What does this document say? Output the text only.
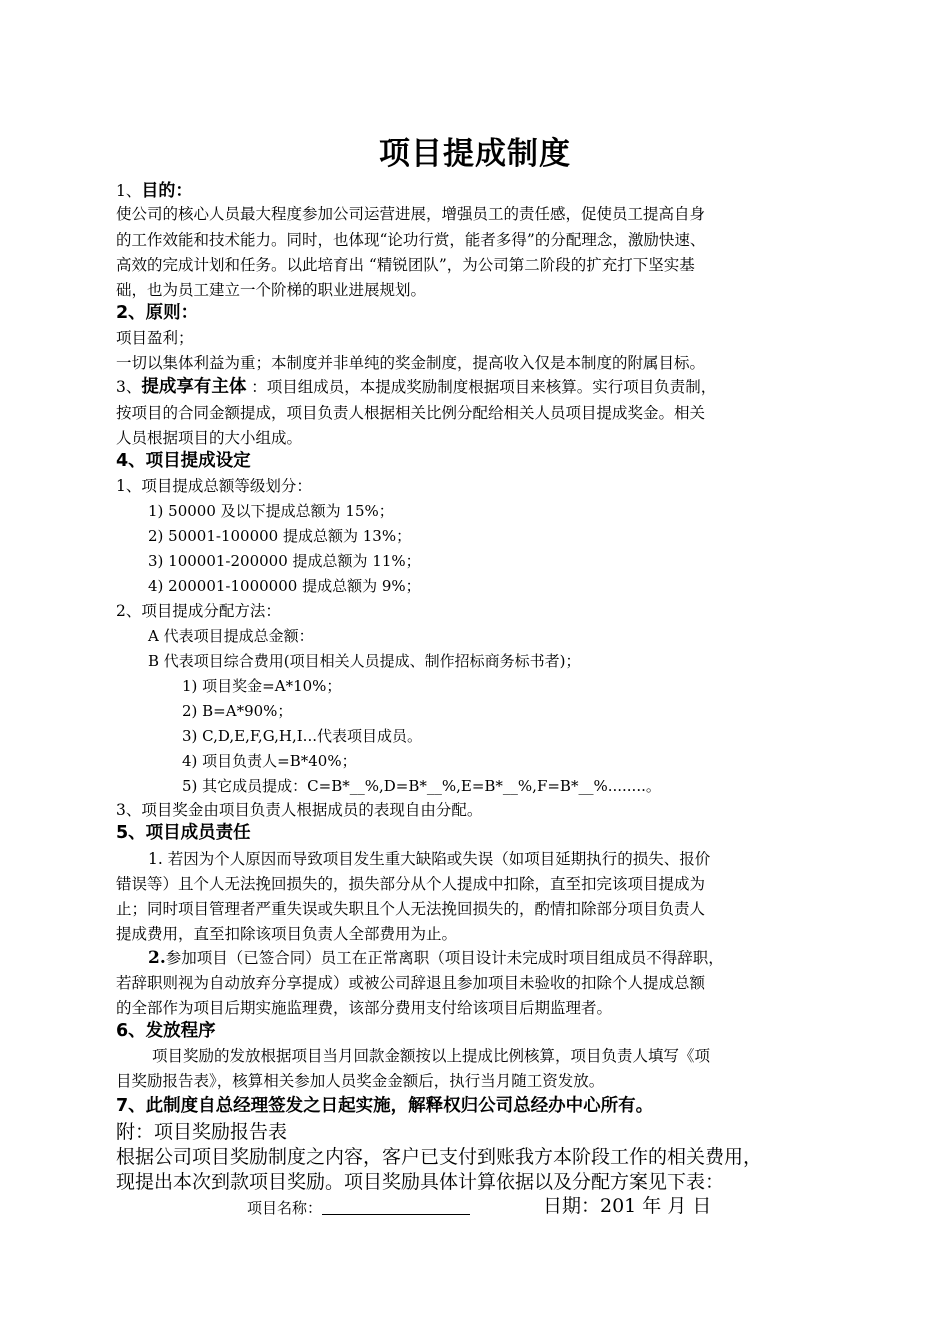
项目提成制度
1、目的：
使公司的核心人员最大程度参加公司运营进展，增强员工的责任感，促使员工提高自身
的工作效能和技术能力。同时，也体现“论功行赏，能者多得”的分配理念，激励快速、
高效的完成计划和任务。以此培育出 “精锐团队”，为公司第二阶段的扩充打下坚实基
础，也为员工建立一个阶梯的职业进展规划。
2、原则：
项目盈利；
一切以集体利益为重；本制度并非单纯的奖金制度，提高收入仅是本制度的附属目标。
3、提成享有主体 ：项目组成员，本提成奖励制度根据项目来核算。实行项目负责制，
按项目的合同金额提成，项目负责人根据相关比例分配给相关人员项目提成奖金。相关
人员根据项目的大小组成。
4、项目提成设定
1、项目提成总额等级划分：
1) 50000 及以下提成总额为 15%；
2) 50001-100000 提成总额为 13%；
3) 100001-200000 提成总额为 11%；
4) 200001-1000000 提成总额为 9%；
2、项目提成分配方法：
A 代表项目提成总金额：
B 代表项目综合费用(项目相关人员提成、制作招标商务标书者)；
1) 项目奖金=A*10%；
2) B=A*90%；
3) C,D,E,F,G,H,I...代表项目成员。
4) 项目负责人=B*40%；
5) 其它成员提成：C=B*__%,D=B*__%,E=B*__%,F=B*__%........。
3、项目奖金由项目负责人根据成员的表现自由分配。
5、项目成员责任
1. 若因为个人原因而导致项目发生重大缺陷或失误（如项目延期执行的损失、报价
错误等）且个人无法挽回损失的，损失部分从个人提成中扣除，直至扣完该项目提成为
止；同时项目管理者严重失误或失职且个人无法挽回损失的，酌情扣除部分项目负责人
提成费用，直至扣除该项目负责人全部费用为止。
2.参加项目（已签合同）员工在正常离职（项目设计未完成时项目组成员不得辞职，
若辞职则视为自动放弃分享提成）或被公司辞退且参加项目未验收的扣除个人提成总额
的全部作为项目后期实施监理费，该部分费用支付给该项目后期监理者。
6、发放程序
项目奖励的发放根据项目当月回款金额按以上提成比例核算，项目负责人填写《项
目奖励报告表》，核算相关参加人员奖金金额后，执行当月随工资发放。
7、此制度自总经理签发之日起实施，解释权归公司总经办中心所有。
附：项目奖励报告表
根据公司项目奖励制度之内容，客户已支付到账我方本阶段工作的相关费用，
现提出本次到款项目奖励。项目奖励具体计算依据以及分配方案见下表：
项目名称：	日期：201 年 月 日
